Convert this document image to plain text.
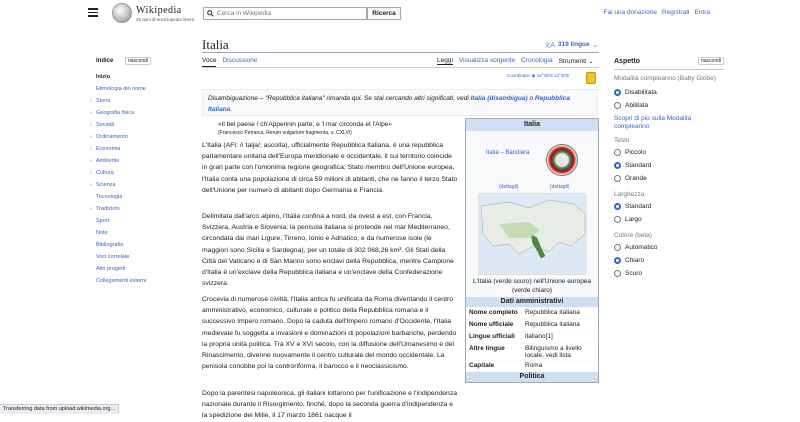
Wikipedia
25 anni di enciclopedia libera
Cerca in Wikipedia
Ricerca	Fai una donazione Registrati Entra
Italia	文A 319 lingue ⌄
Voce Discussione	Leggi Visualizza sorgente Cronologia Strumenti ⌄
Indice	nascondi
Inizio
Etimologia del nome
› Storia
› Geografia fisica
› Società
› Ordinamento
› Economia
› Ambiente
› Cultura
› Scienza
Tecnologia
› Tradizioni
Sport
Note
Bibliografia
Voci correlate
Altri progetti
Collegamenti esterni
Coordinate: ◉ 42°30′N 12°30′E
Disambiguazione – "Repubblica italiana" rimanda qui. Se stai cercando altri significati, vedi Italia (disambigua) o Repubblica Italiana.
«Il bel paese / ch'Appennin parte, e 'l mar circonda et l'Alpe»
(Francesco Petrarca, Rerum vulgarium fragmenta, s. CXLVI)

L'Italia (AFI: /iˈtalja/; ascolta), ufficialmente Repubblica Italiana, è una repubblica parlamentare unitaria dell'Europa meridionale e occidentale, il cui territorio coincide in gran parte con l'omonima regione geografica; Stato membro dell'Unione europea, l'Italia conta una popolazione di circa 59 milioni di abitanti, che ne fanno il terzo Stato dell'Unione per numero di abitanti dopo Germania e Francia.

Delimitata dall'arco alpino, l'Italia confina a nord, da ovest a est, con Francia, Svizzera, Austria e Slovenia; la penisola italiana si protende nel mar Mediterraneo, circondata dai mari Ligure, Tirreno, Ionio e Adriatico, e da numerose isole (le maggiori sono Sicilia e Sardegna), per un totale di 302 068,26 km². Gli Stati della Città del Vaticano e di San Marino sono enclavi della Repubblica, mentre Campione d'Italia è un'exclave della Repubblica italiana e un'enclave della Confederazione svizzera.

Crocevia di numerose civiltà, l'Italia antica fu unificata da Roma diventando il centro amministrativo, economico, culturale e politico della Repubblica romana e il successivo Impero romano. Dopo la caduta dell'Impero romano d'Occidente, l'Italia medievale fu soggetta a invasioni e dominazioni di popolazioni barbariche, perdendo la propria unità politica. Tra XV e XVI secolo, con la diffusione dell'Umanesimo e del Rinascimento, divenne nuovamente il centro culturale del mondo occidentale. La penisola conobbe poi la controriforma, il barocco e il neoclassicismo.

Dopo la parentesi napoleonica, gli italiani lottarono per l'unificazione e l'indipendenza nazionale durante il Risorgimento, finché, dopo la seconda guerra d'indipendenza e la spedizione dei Mille, il 17 marzo 1861 nacque il

Italia
Italia – Bandiera
(dettagli)	(dettagli)
L'Italia (verde scuro) nell'Unione europea (verde chiaro)
Dati amministrativi
Nome completo	Repubblica italiana
Nome ufficiale	Repubblica italiana
Lingue ufficiali	italiano[1]
Altre lingue	Bilinguismo a livello locale, vedi lista
Capitale	Roma
Politica
Aspetto	nascondi
Modalità compleanno (Baby Globe)
Disabilitata
Abilitata
Scopri di più sulla Modalità compleanno
Testo
Piccolo
Standard
Grande
Larghezza
Standard
Largo
Colore (beta)
Automatico
Chiaro
Scuro
Transferring data from upload.wikimedia.org...
